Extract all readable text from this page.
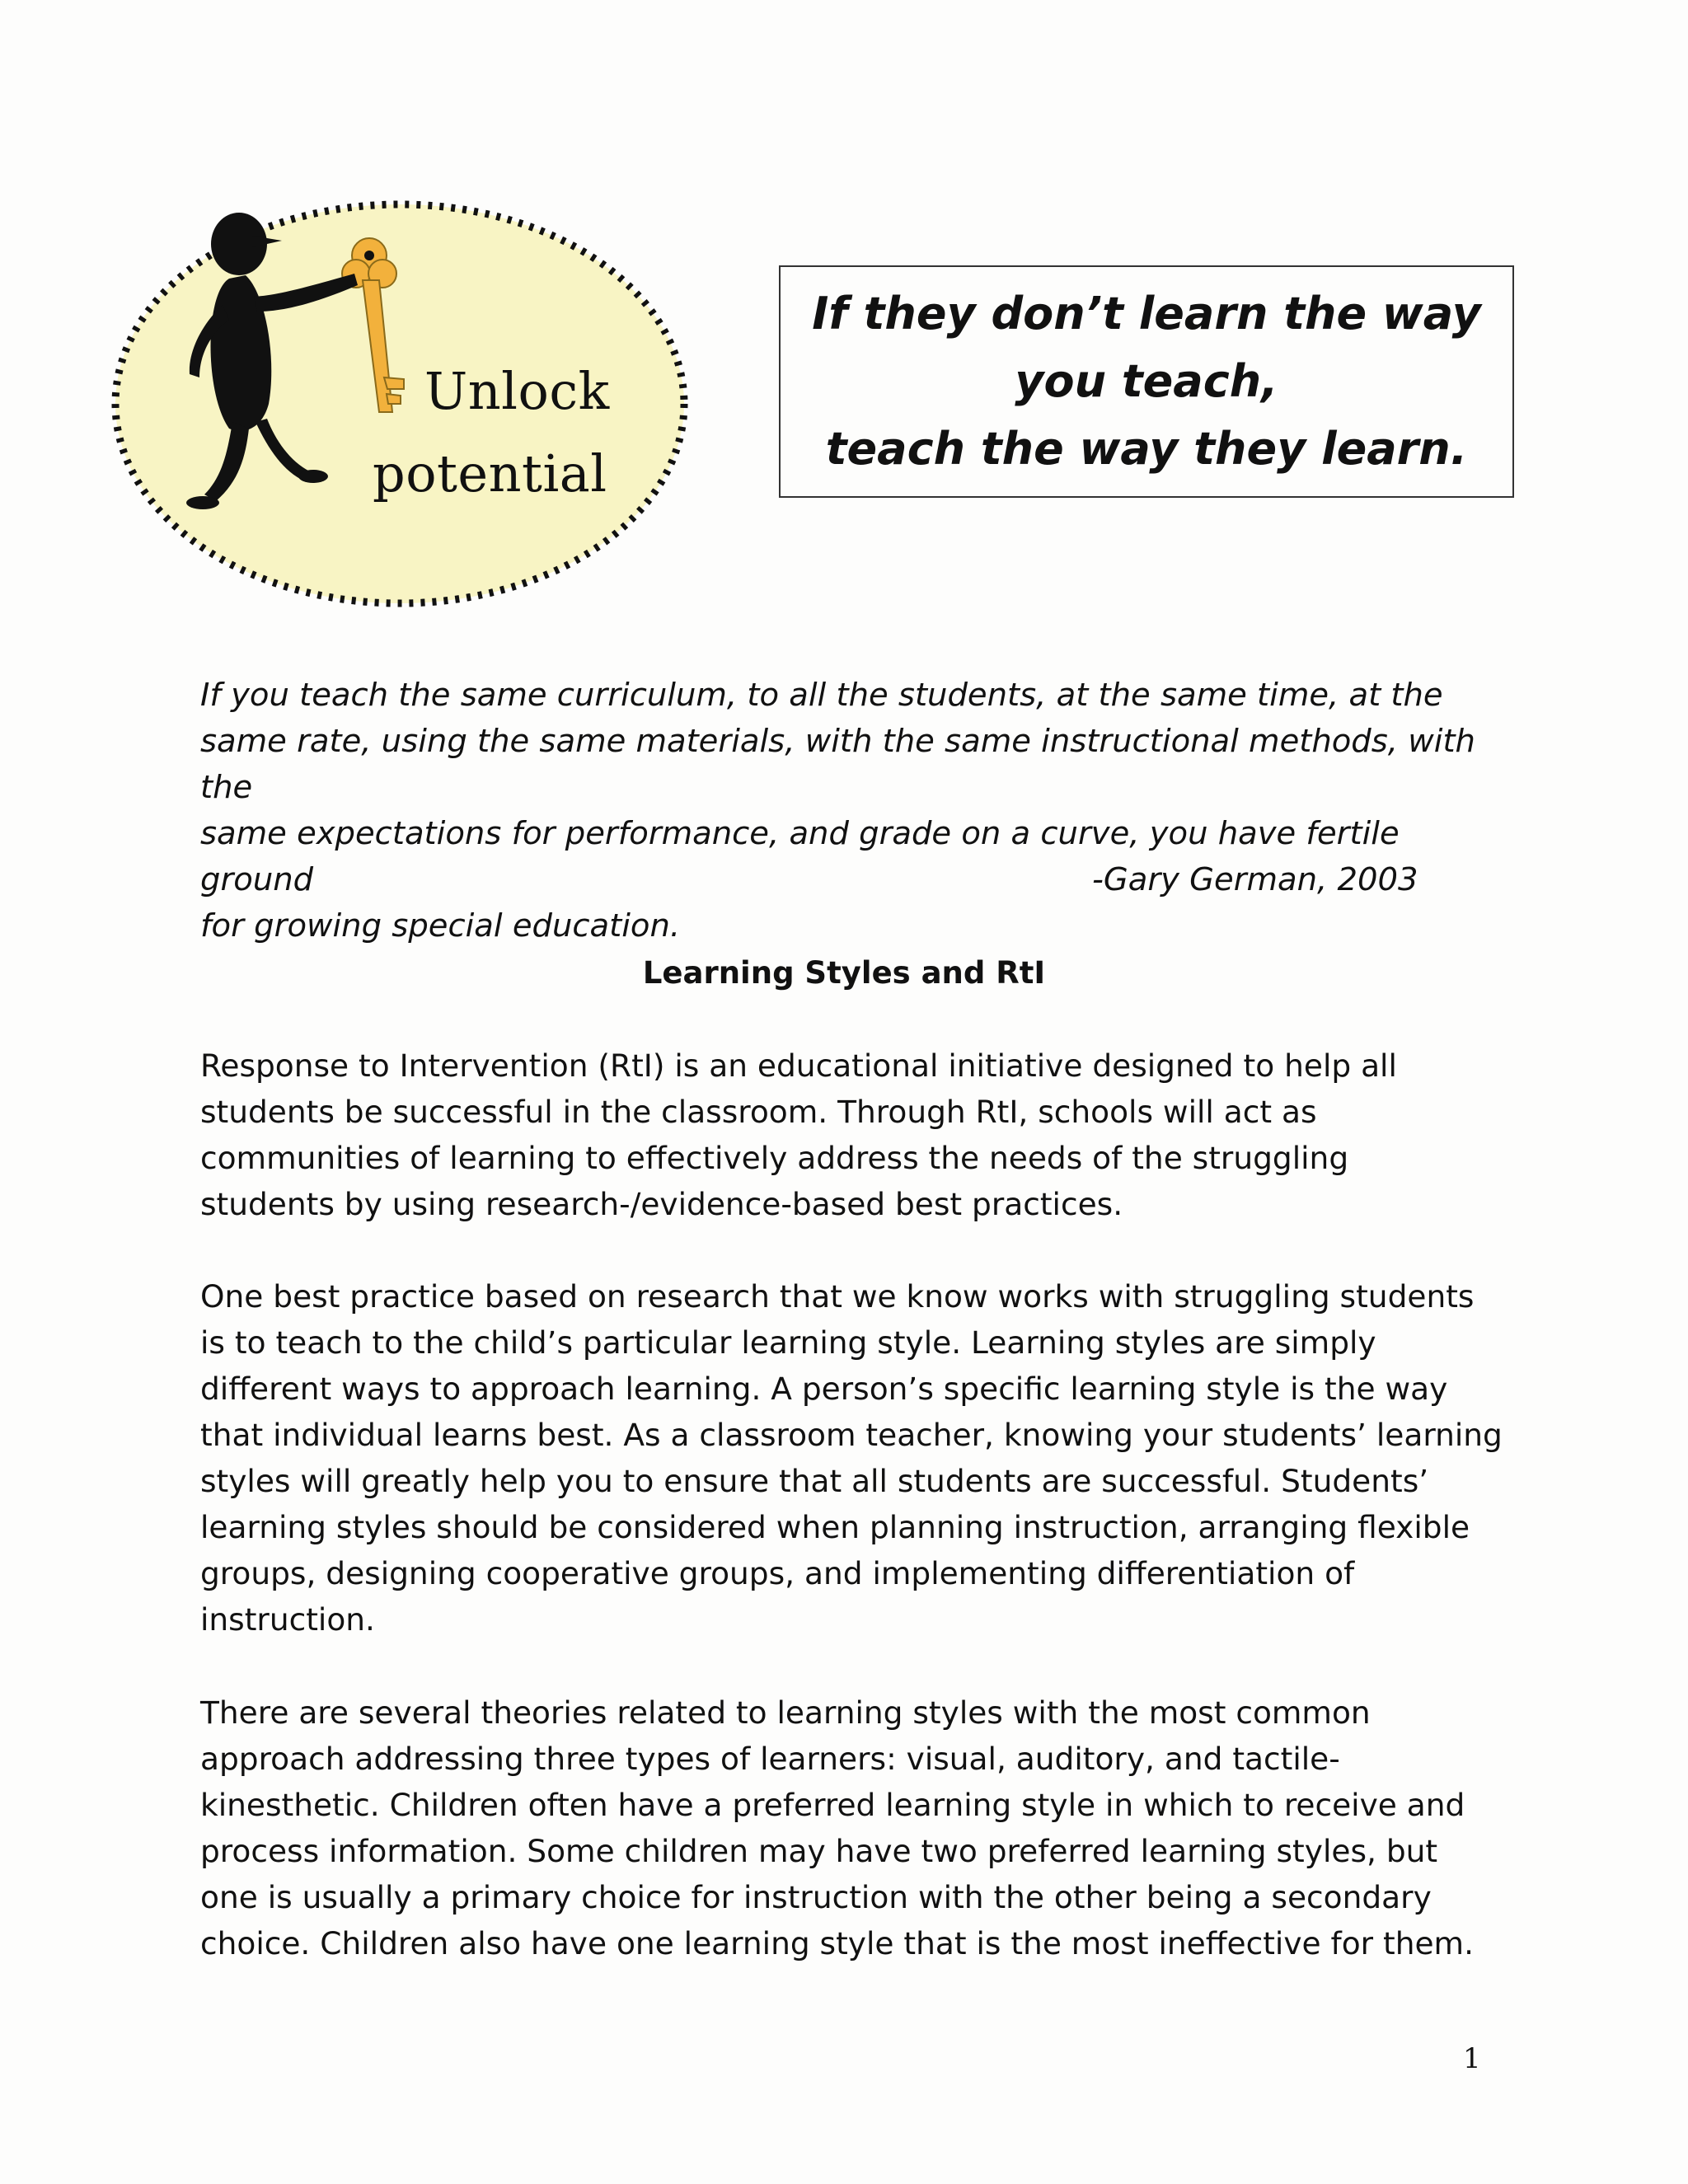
Unlock
potential
If they don’t learn the way
you teach,
teach the way they learn.
If you teach the same curriculum, to all the students, at the same time, at the
same rate, using the same materials, with the same instructional methods, with the
same expectations for performance, and grade on a curve, you have fertile ground
for growing special education.
-Gary German, 2003
Learning Styles and RtI
Response to Intervention (RtI) is an educational initiative designed to help all
students be successful in the classroom. Through RtI, schools will act as
communities of learning to effectively address the needs of the struggling
students by using research-/evidence-based best practices.
One best practice based on research that we know works with struggling students
is to teach to the child’s particular learning style. Learning styles are simply
different ways to approach learning. A person’s specific learning style is the way
that individual learns best. As a classroom teacher, knowing your students’ learning
styles will greatly help you to ensure that all students are successful. Students’
learning styles should be considered when planning instruction, arranging flexible
groups, designing cooperative groups, and implementing differentiation of
instruction.
There are several theories related to learning styles with the most common
approach addressing three types of learners: visual, auditory, and tactile-
kinesthetic. Children often have a preferred learning style in which to receive and
process information. Some children may have two preferred learning styles, but
one is usually a primary choice for instruction with the other being a secondary
choice. Children also have one learning style that is the most ineffective for them.
1
